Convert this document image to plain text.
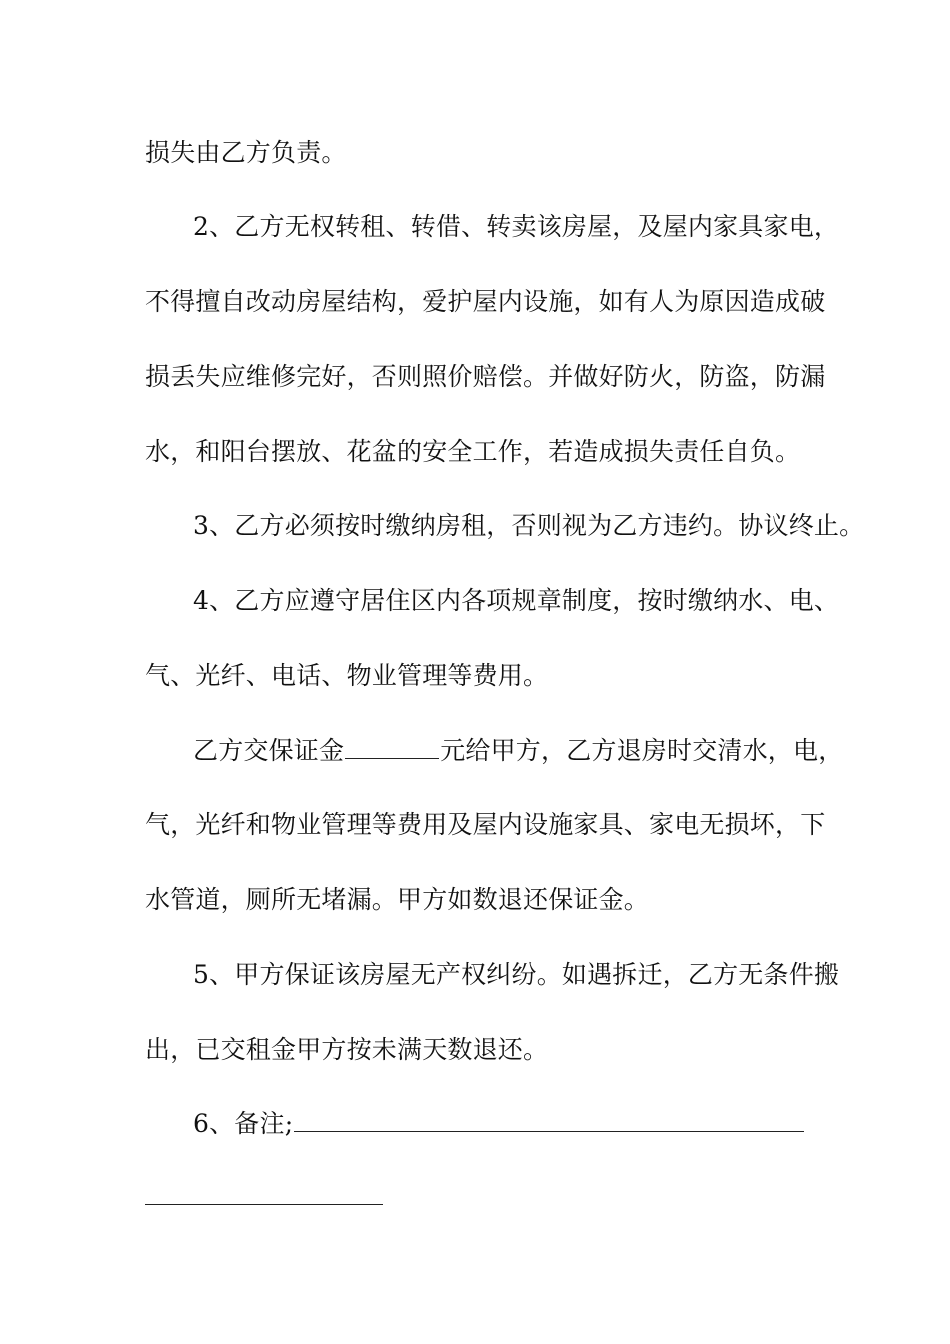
损失由乙方负责。
2、乙方无权转租、转借、转卖该房屋，及屋内家具家电，
不得擅自改动房屋结构，爱护屋内设施，如有人为原因造成破
损丢失应维修完好，否则照价赔偿。并做好防火，防盗，防漏
水，和阳台摆放、花盆的安全工作，若造成损失责任自负。
3、乙方必须按时缴纳房租，否则视为乙方违约。协议终止。
4、乙方应遵守居住区内各项规章制度，按时缴纳水、电、
气、光纤、电话、物业管理等费用。
乙方交保证金	元给甲方，乙方退房时交清水，电，
气，光纤和物业管理等费用及屋内设施家具、家电无损坏，下
水管道，厕所无堵漏。甲方如数退还保证金。
5、甲方保证该房屋无产权纠纷。如遇拆迁，乙方无条件搬
出，已交租金甲方按未满天数退还。
6、备注;
